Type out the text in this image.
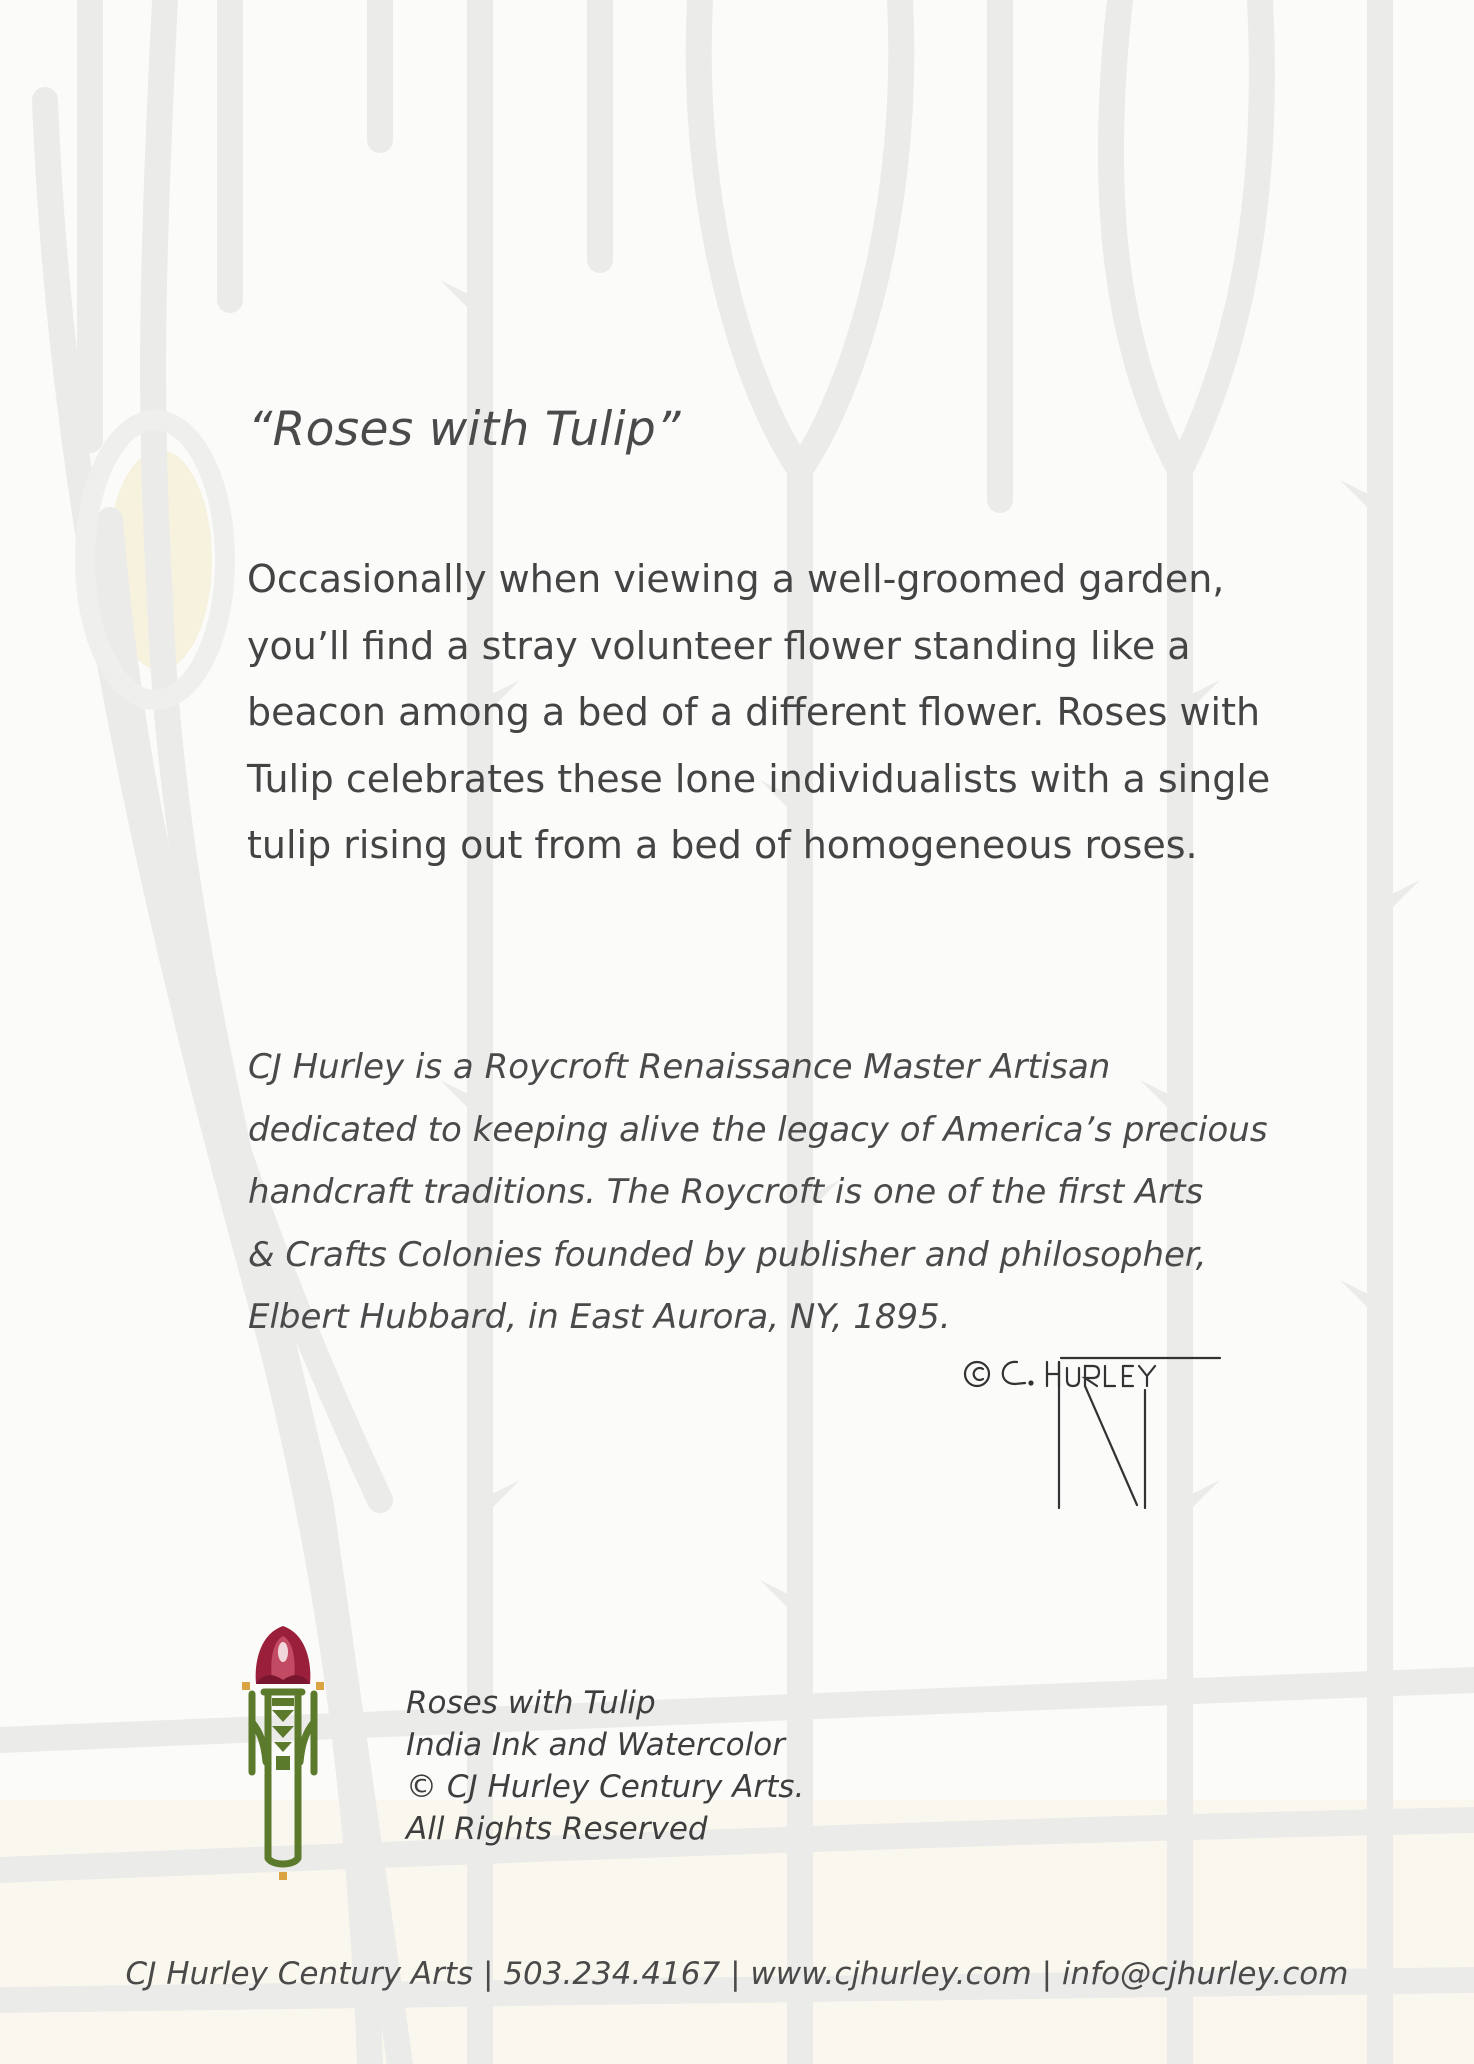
“Roses with Tulip”
Occasionally when viewing a well-groomed garden,
you’ll find a stray volunteer flower standing like a
beacon among a bed of a different flower. Roses with
Tulip celebrates these lone individualists with a single
tulip rising out from a bed of homogeneous roses.
CJ Hurley is a Roycroft Renaissance Master Artisan
dedicated to keeping alive the legacy of America’s precious
handcraft traditions. The Roycroft is one of the first Arts
& Crafts Colonies founded by publisher and philosopher,
Elbert Hubbard, in East Aurora, NY, 1895.
Roses with Tulip
India Ink and Watercolor
© CJ Hurley Century Arts.
All Rights Reserved
CJ Hurley Century Arts | 503.234.4167 | www.cjhurley.com | info@cjhurley.com
